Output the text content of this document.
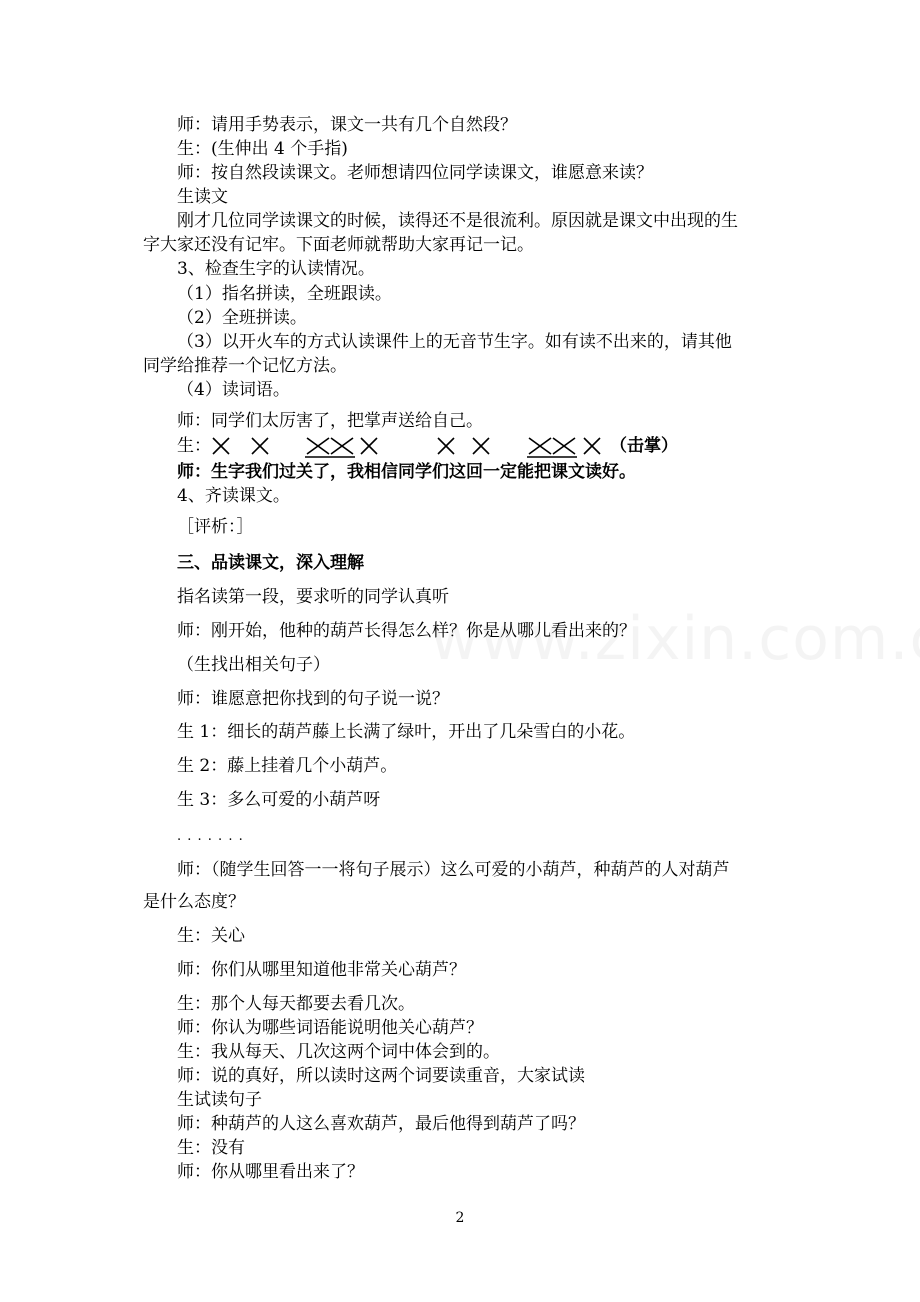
师：请用手势表示，课文一共有几个自然段？
生：(生伸出 4 个手指)
师：按自然段读课文。老师想请四位同学读课文，谁愿意来读？
生读文
刚才几位同学读课文的时候，读得还不是很流利。原因就是课文中出现的生
字大家还没有记牢。下面老师就帮助大家再记一记。
3、检查生字的认读情况。
（1）指名拼读，全班跟读。
（2）全班拼读。
（3）以开火车的方式认读课件上的无音节生字。如有读不出来的，请其他
同学给推荐一个记忆方法。
（4）读词语。
师：同学们太厉害了，把掌声送给自己。
生：	（击掌）
师：生字我们过关了，我相信同学们这回一定能把课文读好。
4、齐读课文。
［评析：］
三、品读课文，深入理解
指名读第一段，要求听的同学认真听
师：刚开始，他种的葫芦长得怎么样？你是从哪儿看出来的？
（生找出相关句子）
师：谁愿意把你找到的句子说一说？
生 1：细长的葫芦藤上长满了绿叶，开出了几朵雪白的小花。
生 2：藤上挂着几个小葫芦。
生 3：多么可爱的小葫芦呀
. . . . . . .
师：（随学生回答一一将句子展示）这么可爱的小葫芦，种葫芦的人对葫芦
是什么态度？
生：关心
师：你们从哪里知道他非常关心葫芦？
生：那个人每天都要去看几次。
师：你认为哪些词语能说明他关心葫芦？
生：我从每天、几次这两个词中体会到的。
师：说的真好，所以读时这两个词要读重音，大家试读
生试读句子
师：种葫芦的人这么喜欢葫芦，最后他得到葫芦了吗？
生：没有
师：你从哪里看出来了？
2
